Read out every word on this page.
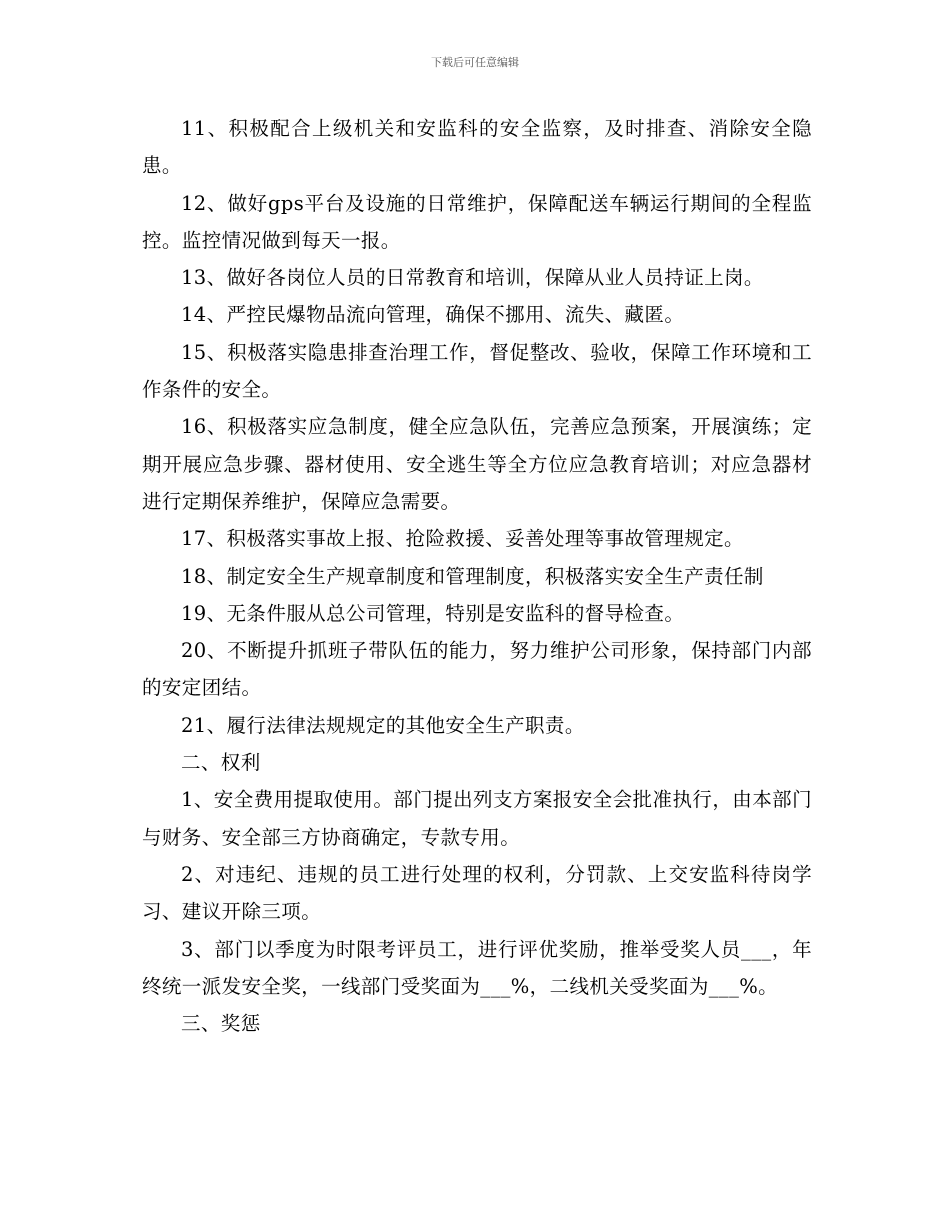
下载后可任意编辑

11、积极配合上级机关和安监科的安全监察，及时排查、消除安全隐患。

12、做好gps平台及设施的日常维护，保障配送车辆运行期间的全程监控。监控情况做到每天一报。

13、做好各岗位人员的日常教育和培训，保障从业人员持证上岗。

14、严控民爆物品流向管理，确保不挪用、流失、藏匿。

15、积极落实隐患排查治理工作，督促整改、验收，保障工作环境和工作条件的安全。

16、积极落实应急制度，健全应急队伍，完善应急预案，开展演练；定期开展应急步骤、器材使用、安全逃生等全方位应急教育培训；对应急器材进行定期保养维护，保障应急需要。

17、积极落实事故上报、抢险救援、妥善处理等事故管理规定。

18、制定安全生产规章制度和管理制度，积极落实安全生产责任制

19、无条件服从总公司管理，特别是安监科的督导检查。

20、不断提升抓班子带队伍的能力，努力维护公司形象，保持部门内部的安定团结。

21、履行法律法规规定的其他安全生产职责。

二、权利

1、安全费用提取使用。部门提出列支方案报安全会批准执行，由本部门与财务、安全部三方协商确定，专款专用。

2、对违纪、违规的员工进行处理的权利，分罚款、上交安监科待岗学习、建议开除三项。

3、部门以季度为时限考评员工，进行评优奖励，推举受奖人员___，年终统一派发安全奖，一线部门受奖面为___%，二线机关受奖面为___%。

三、奖惩
